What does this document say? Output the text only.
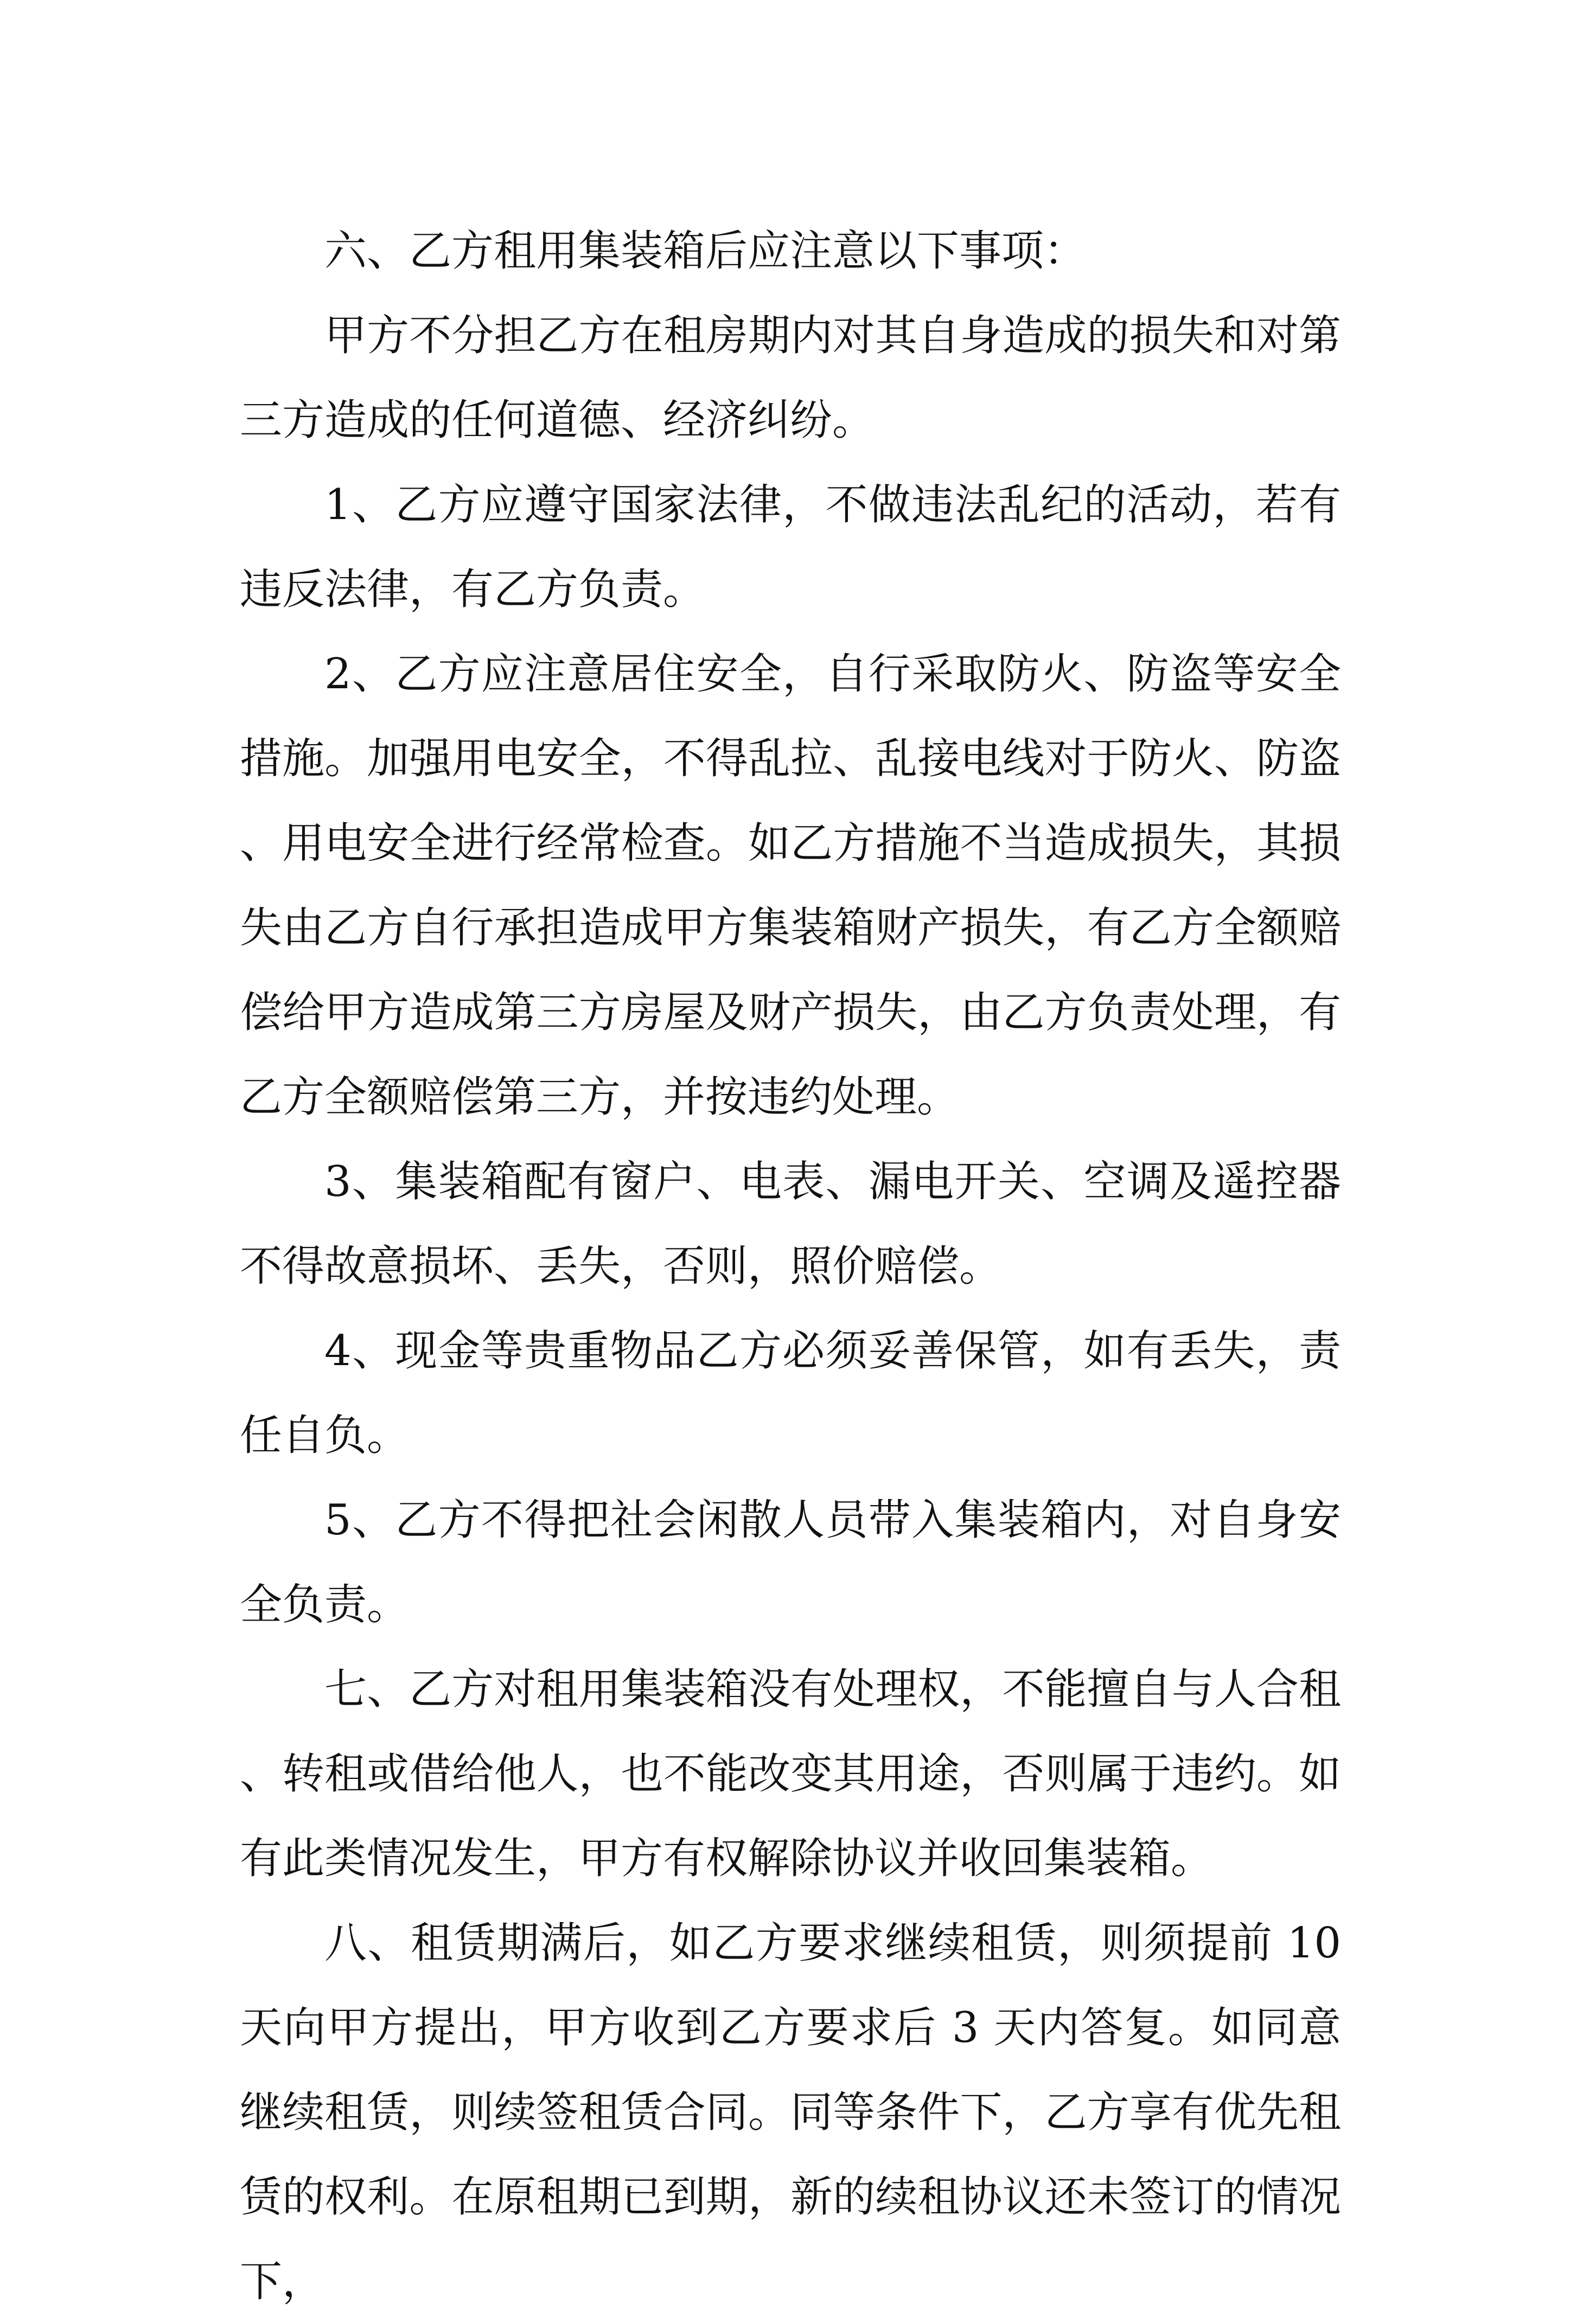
六、乙方租用集装箱后应注意以下事项：

甲方不分担乙方在租房期内对其自身造成的损失和对第三方造成的任何道德、经济纠纷。

1、乙方应遵守国家法律，不做违法乱纪的活动，若有违反法律，有乙方负责。

2、乙方应注意居住安全，自行采取防火、防盗等安全措施。加强用电安全，不得乱拉、乱接电线对于防火、防盗、用电安全进行经常检查。如乙方措施不当造成损失，其损失由乙方自行承担造成甲方集装箱财产损失，有乙方全额赔偿给甲方造成第三方房屋及财产损失，由乙方负责处理，有乙方全额赔偿第三方，并按违约处理。

3、集装箱配有窗户、电表、漏电开关、空调及遥控器不得故意损坏、丢失，否则，照价赔偿。

4、现金等贵重物品乙方必须妥善保管，如有丢失，责任自负。

5、乙方不得把社会闲散人员带入集装箱内，对自身安全负责。

七、乙方对租用集装箱没有处理权，不能擅自与人合租、转租或借给他人，也不能改变其用途，否则属于违约。如有此类情况发生，甲方有权解除协议并收回集装箱。

八、租赁期满后，如乙方要求继续租赁，则须提前 10 天向甲方提出，甲方收到乙方要求后 3 天内答复。如同意继续租赁，则续签租赁合同。同等条件下，乙方享有优先租赁的权利。在原租期已到期，新的续租协议还未签订的情况下，
